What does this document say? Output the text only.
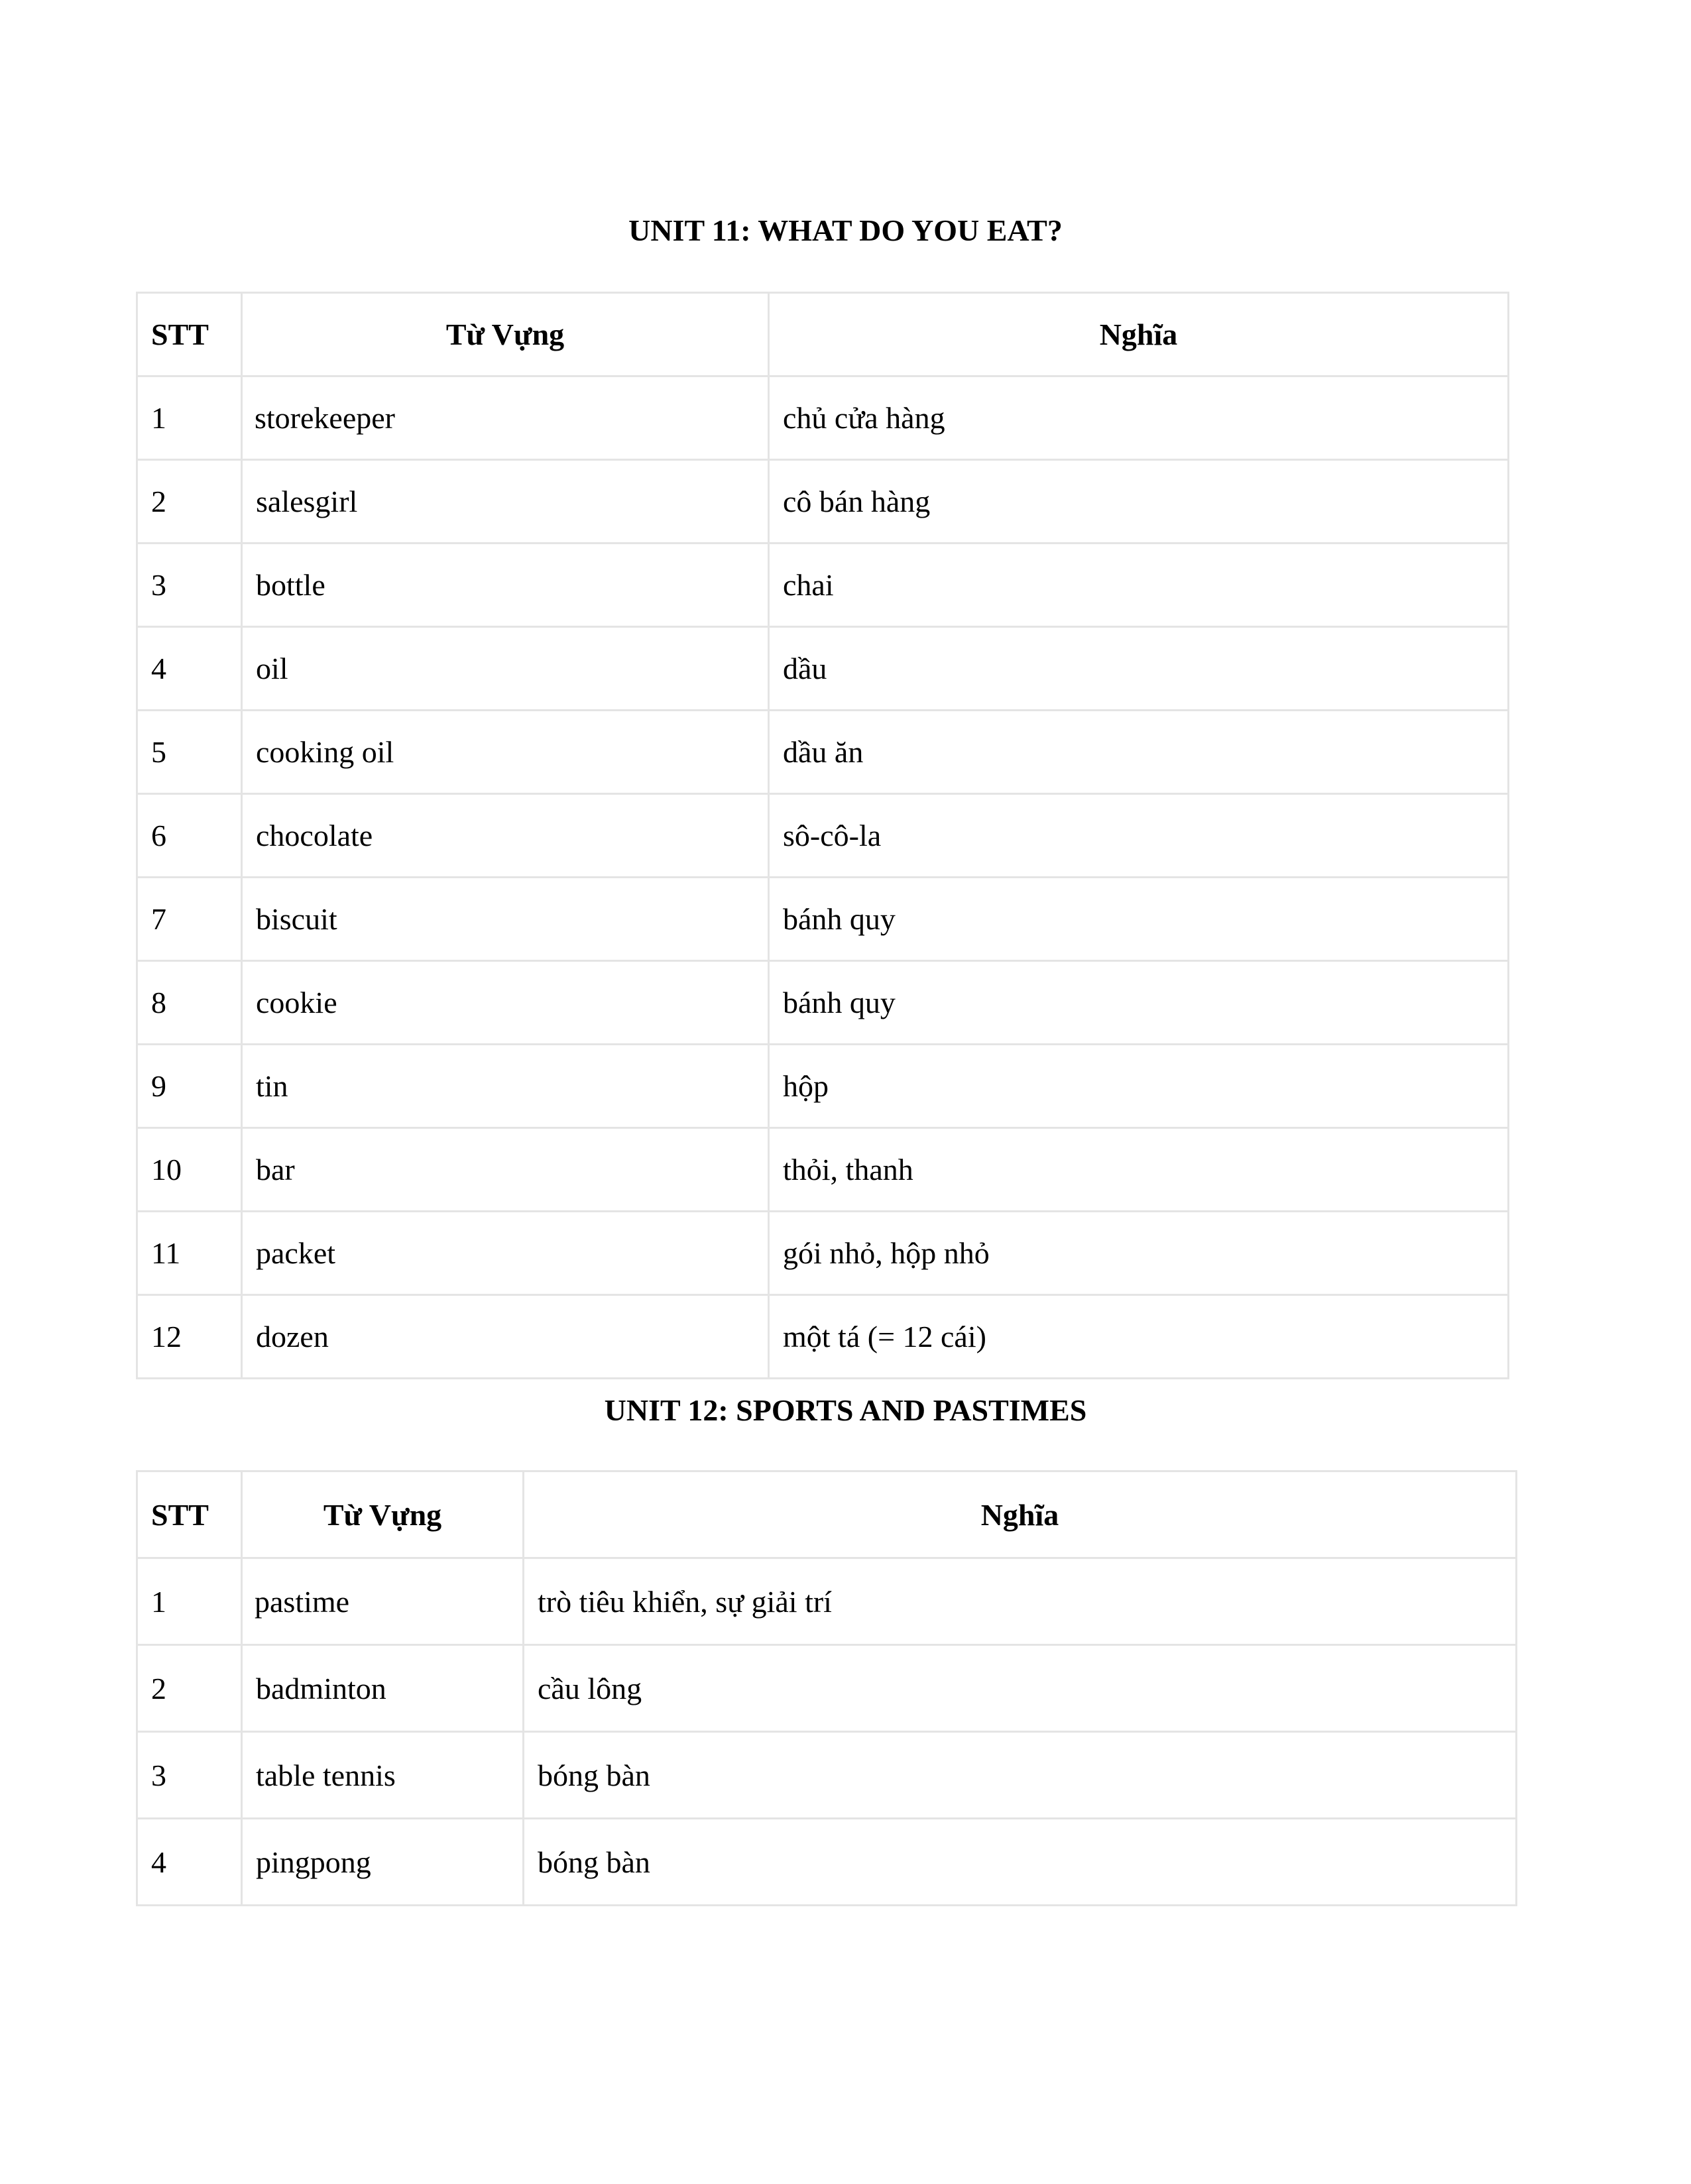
UNIT 11: WHAT DO YOU EAT?
STT	Từ Vựng	Nghĩa
1	storekeeper	chủ cửa hàng
2	salesgirl	cô bán hàng
3	bottle	chai
4	oil	dầu
5	cooking oil	dầu ăn
6	chocolate	sô-cô-la
7	biscuit	bánh quy
8	cookie	bánh quy
9	tin	hộp
10	bar	thỏi, thanh
11	packet	gói nhỏ, hộp nhỏ
12	dozen	một tá (= 12 cái)
UNIT 12: SPORTS AND PASTIMES
STT	Từ Vựng	Nghĩa
1	pastime	trò tiêu khiển, sự giải trí
2	badminton	cầu lông
3	table tennis	bóng bàn
4	pingpong	bóng bàn
